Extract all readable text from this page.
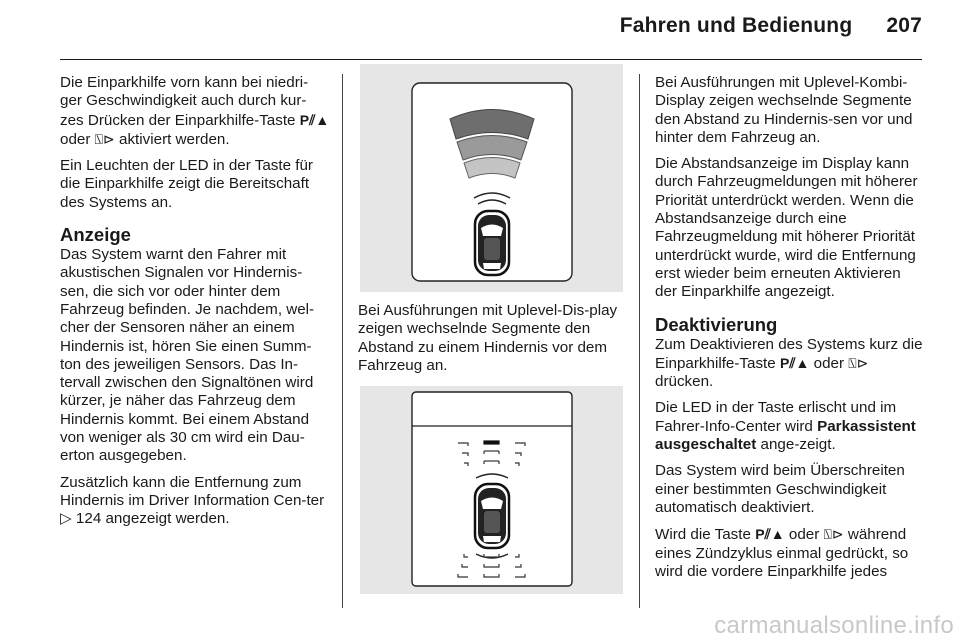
Fahren und Bedienung 207

Die Einparkhilfe vorn kann bei niedri-ger Geschwindigkeit auch durch kur-zes Drücken der Einparkhilfe-Taste P⫽▲ oder ⍂⊳ aktiviert werden.

Ein Leuchten der LED in der Taste für die Einparkhilfe zeigt die Bereitschaft des Systems an.

Anzeige

Das System warnt den Fahrer mit akustischen Signalen vor Hindernis-sen, die sich vor oder hinter dem Fahrzeug befinden. Je nachdem, wel-cher der Sensoren näher an einem Hindernis ist, hören Sie einen Summ-ton des jeweiligen Sensors. Das In-tervall zwischen den Signaltönen wird kürzer, je näher das Fahrzeug dem Hindernis kommt. Bei einem Abstand von weniger als 30 cm wird ein Dau-erton ausgegeben.

Zusätzlich kann die Entfernung zum Hindernis im Driver Information Cen-ter ▷ 124 angezeigt werden.

Bei Ausführungen mit Uplevel-Dis-play zeigen wechselnde Segmente den Abstand zu einem Hindernis vor dem Fahrzeug an.

Bei Ausführungen mit Uplevel-Kombi-Display zeigen wechselnde Segmente den Abstand zu Hindernis-sen vor und hinter dem Fahrzeug an.

Die Abstandsanzeige im Display kann durch Fahrzeugmeldungen mit höherer Priorität unterdrückt werden. Wenn die Abstandsanzeige durch eine Fahrzeugmeldung mit höherer Priorität unterdrückt wurde, wird die Entfernung erst wieder beim erneuten Aktivieren der Einparkhilfe angezeigt.

Deaktivierung

Zum Deaktivieren des Systems kurz die Einparkhilfe-Taste P⫽▲ oder ⍂⊳ drücken.

Die LED in der Taste erlischt und im Fahrer-Info-Center wird Parkassistent ausgeschaltet ange-zeigt.

Das System wird beim Überschreiten einer bestimmten Geschwindigkeit automatisch deaktiviert.

Wird die Taste P⫽▲ oder ⍂⊳ während eines Zündzyklus einmal gedrückt, so wird die vordere Einparkhilfe jedes

carmanualsonline.info
